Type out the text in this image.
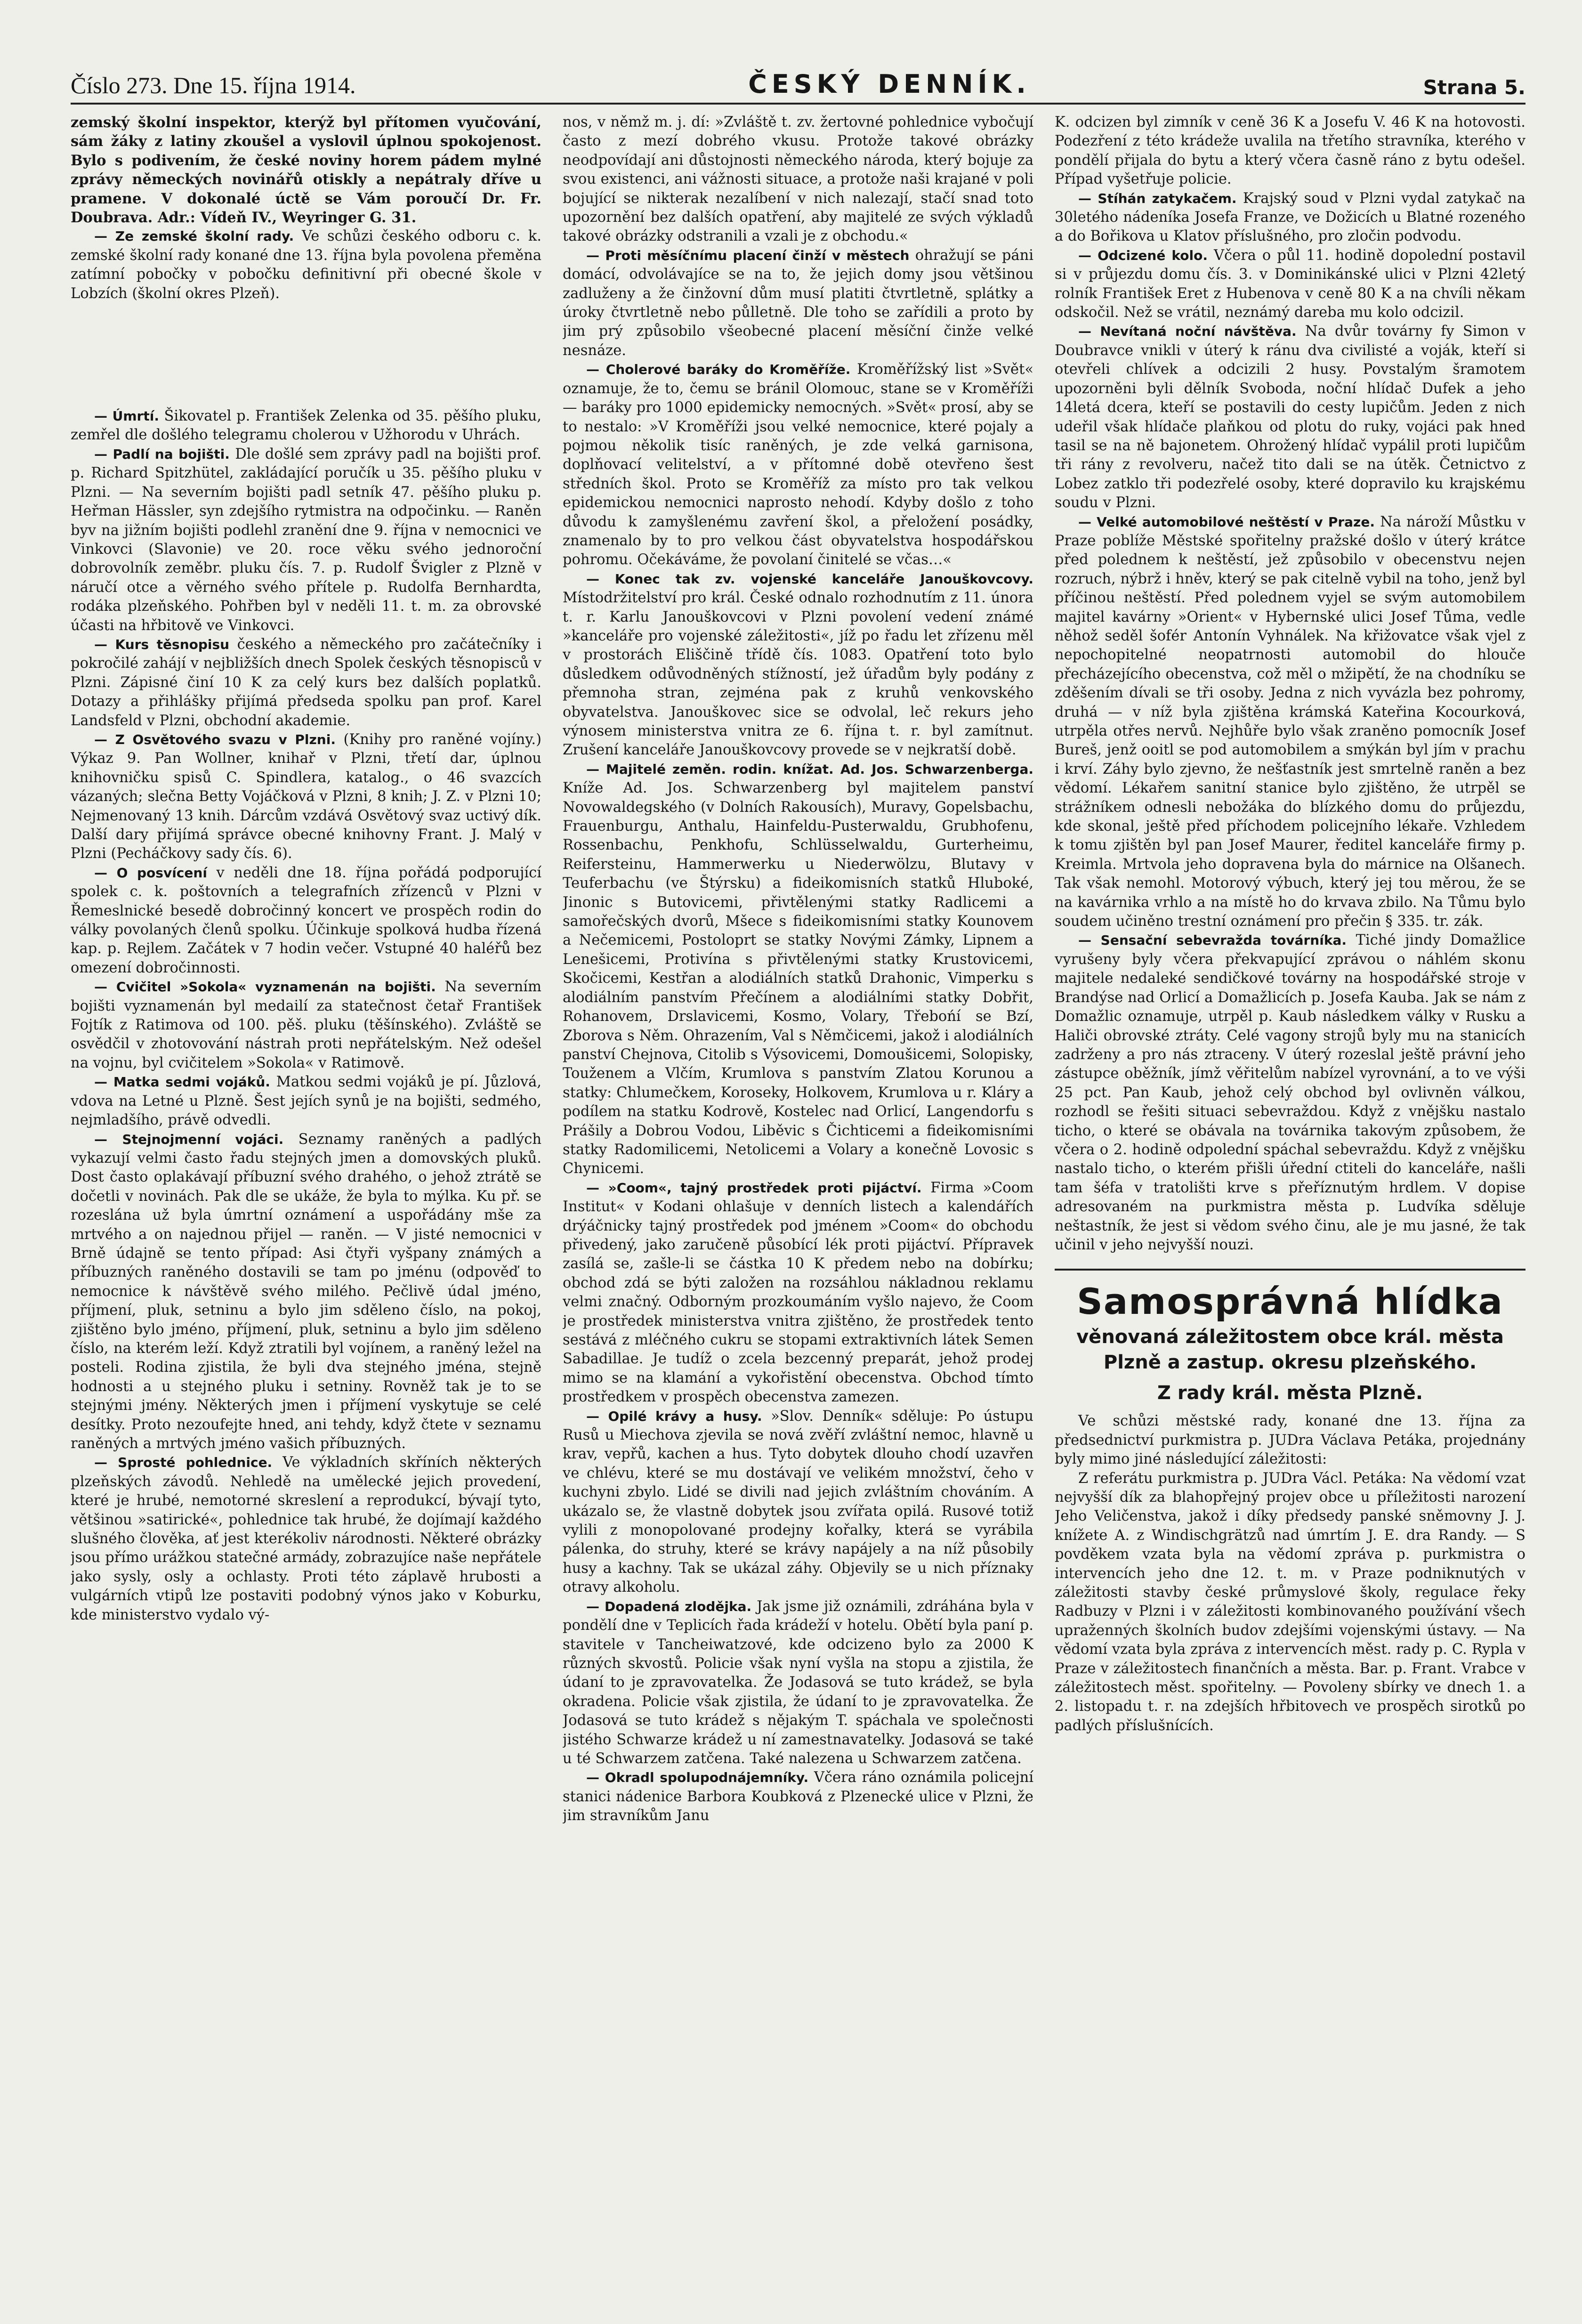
Číslo 273. Dne 15. října 1914.	ČESKÝ DENNÍK.	Strana 5.

zemský školní inspektor, kterýž byl přítomen vyučování, sám žáky z latiny zkoušel a vyslovil úplnou spokojenost. Bylo s podivením, že české noviny horem pádem mylné zprávy německých novinářů otiskly a nepátraly dříve u pramene. V dokonalé úctě se Vám poroučí Dr. Fr. Doubrava. Adr.: Vídeň IV., Weyringer G. 31.

— Ze zemské školní rady. Ve schůzi českého odboru c. k. zemské školní rady konané dne 13. října byla povolena přeměna zatímní pobočky v pobočku definitivní při obecné škole v Lobzích (školní okres Plzeň).

— Úmrtí. Šikovatel p. František Zelenka od 35. pěšího pluku, zemřel dle došlého telegramu cholerou v Užhorodu v Uhrách.

— Padlí na bojišti. Dle došlé sem zprávy padl na bojišti prof. p. Richard Spitzhütel, zakládající poručík u 35. pěšího pluku v Plzni. — Na severním bojišti padl setník 47. pěšího pluku p. Heřman Hässler, syn zdejšího rytmistra na odpočinku. — Raněn byv na jižním bojišti podlehl zranění dne 9. října v nemocnici ve Vinkovci (Slavonie) ve 20. roce věku svého jednoroční dobrovolník zeměbr. pluku čís. 7. p. Rudolf Švigler z Plzně v náručí otce a věrného svého přítele p. Rudolfa Bernhardta, rodáka plzeňského. Pohřben byl v neděli 11. t. m. za obrovské účasti na hřbitově ve Vinkovci.

— Kurs těsnopisu českého a německého pro začátečníky i pokročilé zahájí v nejbližších dnech Spolek českých těsnopisců v Plzni. Zápisné činí 10 K za celý kurs bez dalších poplatků. Dotazy a přihlášky přijímá předseda spolku pan prof. Karel Landsfeld v Plzni, obchodní akademie.

— Z Osvětového svazu v Plzni. (Knihy pro raněné vojíny.) Výkaz 9. Pan Wollner, knihař v Plzni, třetí dar, úplnou knihovničku spisů C. Spindlera, katalog., o 46 svazcích vázaných; slečna Betty Vojáčková v Plzni, 8 knih; J. Z. v Plzni 10; Nejmenovaný 13 knih. Dárcům vzdává Osvětový svaz uctivý dík. Další dary přijímá správce obecné knihovny Frant. J. Malý v Plzni (Pecháčkovy sady čís. 6).

— O posvícení v neděli dne 18. října pořádá podporující spolek c. k. poštovních a telegrafních zřízenců v Plzni v Řemeslnické besedě dobročinný koncert ve prospěch rodin do války povolaných členů spolku. Účinkuje spolková hudba řízená kap. p. Rejlem. Začátek v 7 hodin večer. Vstupné 40 haléřů bez omezení dobročinnosti.

— Cvičitel »Sokola« vyznamenán na bojišti. Na severním bojišti vyznamenán byl medailí za statečnost četař František Fojtík z Ratimova od 100. pěš. pluku (těšínského). Zvláště se osvědčil v zhotovování nástrah proti nepřátelským. Než odešel na vojnu, byl cvičitelem »Sokola« v Ratimově.

— Matka sedmi vojáků. Matkou sedmi vojáků je pí. Jůzlová, vdova na Letné u Plzně. Šest jejích synů je na bojišti, sedmého, nejmladšího, právě odvedli.

— Stejnojmenní vojáci. Seznamy raněných a padlých vykazují velmi často řadu stejných jmen a domovských pluků. Dost často oplakávají příbuzní svého drahého, o jehož ztrátě se dočetli v novinách. Pak dle se ukáže, že byla to mýlka. Ku př. se rozeslána už byla úmrtní oznámení a uspořádány mše za mrtvého a on najednou přijel — raněn. — V jisté nemocnici v Brně údajně se tento případ: Asi čtyři vyšpany známých a příbuzných raněného dostavili se tam po jménu (odpověď to nemocnice k návštěvě svého milého. Pečlivě údal jméno, příjmení, pluk, setninu a bylo jim sděleno číslo, na pokoj, zjištěno bylo jméno, příjmení, pluk, setninu a bylo jim sděleno číslo, na kterém leží. Když ztratili byl vojínem, a raněný ležel na posteli. Rodina zjistila, že byli dva stejného jména, stejně hodnosti a u stejného pluku i setniny. Rovněž tak je to se stejnými jmény. Některých jmen i příjmení vyskytuje se celé desítky. Proto nezoufejte hned, ani tehdy, když čtete v seznamu raněných a mrtvých jméno vašich příbuzných.

— Sprosté pohlednice. Ve výkladních skříních některých plzeňských závodů. Nehledě na umělecké jejich provedení, které je hrubé, nemotorné skreslení a reprodukcí, bývají tyto, většinou »satirické«, pohlednice tak hrubé, že dojímají každého slušného člověka, ať jest kterékoliv národnosti. Některé obrázky jsou přímo urážkou statečné armády, zobrazujíce naše nepřátele jako sysly, osly a ochlasty. Proti této záplavě hrubosti a vulgárních vtipů lze postaviti podobný výnos jako v Koburku, kde ministerstvo vydalo vý-

nos, v němž m. j. dí: »Zvláště t. zv. žertovné pohlednice vybočují často z mezí dobrého vkusu. Protože takové obrázky neodpovídají ani důstojnosti německého národa, který bojuje za svou existenci, ani vážnosti situace, a protože naši krajané v poli bojující se nikterak nezalíbení v nich nalezají, stačí snad toto upozornění bez dalších opatření, aby majitelé ze svých výkladů takové obrázky odstranili a vzali je z obchodu.«

— Proti měsíčnímu placení činží v městech ohražují se páni domácí, odvolávajíce se na to, že jejich domy jsou většinou zadluženy a že činžovní dům musí platiti čtvrtletně, splátky a úroky čtvrtletně nebo půlletně. Dle toho se zařídili a proto by jim prý způsobilo všeobecné placení měsíční činže velké nesnáze.

— Cholerové baráky do Kroměříže. Kroměřížský list »Svět« oznamuje, že to, čemu se bránil Olomouc, stane se v Kroměříži — baráky pro 1000 epidemicky nemocných. »Svět« prosí, aby se to nestalo: »V Kroměříži jsou velké nemocnice, které pojaly a pojmou několik tisíc raněných, je zde velká garnisona, doplňovací velitelství, a v přítomné době otevřeno šest středních škol. Proto se Kroměříž za místo pro tak velkou epidemickou nemocnici naprosto nehodí. Kdyby došlo z toho důvodu k zamyšlenému zavření škol, a přeložení posádky, znamenalo by to pro velkou část obyvatelstva hospodářskou pohromu. Očekáváme, že povolaní činitelé se včas…«

— Konec tak zv. vojenské kanceláře Janouškovcovy. Místodržitelství pro král. České odnalo rozhodnutím z 11. února t. r. Karlu Janouškovcovi v Plzni povolení vedení známé »kanceláře pro vojenské záležitosti«, jíž po řadu let zřízenu měl v prostorách Eliščině třídě čís. 1083. Opatření toto bylo důsledkem odůvodněných stížností, jež úřadům byly podány z přemnoha stran, zejména pak z kruhů venkovského obyvatelstva. Janouškovec sice se odvolal, leč rekurs jeho výnosem ministerstva vnitra ze 6. října t. r. byl zamítnut. Zrušení kanceláře Janouškovcovy provede se v nejkratší době.

— Majitelé zeměn. rodin. knížat. Ad. Jos. Schwarzenberga. Kníže Ad. Jos. Schwarzenberg byl majitelem panství Novowaldegského (v Dolních Rakousích), Muravy, Gopelsbachu, Frauenburgu, Anthalu, Hainfeldu-Pusterwaldu, Grubhofenu, Rossenbachu, Penkhofu, Schlüsselwaldu, Gurterheimu, Reifersteinu, Hammerwerku u Niederwölzu, Blutavy v Teuferbachu (ve Štýrsku) a fideikomisních statků Hluboké, Jinonic s Butovicemi, přivtělenými statky Radlicemi a samořečských dvorů, Mšece s fideikomisními statky Kounovem a Nečemicemi, Postoloprt se statky Novými Zámky, Lipnem a Lenešicemi, Protivína s přivtělenými statky Krustovicemi, Skočicemi, Kestřan a alodiálních statků Drahonic, Vimperku s alodiálním panstvím Přečínem a alodiálními statky Dobřit, Rohanovem, Drslavicemi, Kosmo, Volary, Třebońí se Bzí, Zborova s Něm. Ohrazením, Val s Němčicemi, jakož i alodiálních panství Chejnova, Citolib s Výsovicemi, Domoušicemi, Solopisky, Touženem a Vlčím, Krumlova s panstvím Zlatou Korunou a statky: Chlumečkem, Koroseky, Holkovem, Krumlova u r. Kláry a podílem na statku Kodrově, Kostelec nad Orlicí, Langendorfu s Prášily a Dobrou Vodou, Liběvic s Čichticemi a fideikomisními statky Radomilicemi, Netolicemi a Volary a konečně Lovosic s Chynicemi.

— »Coom«, tajný prostředek proti pijáctví. Firma »Coom Institut« v Kodani ohlašuje v denních listech a kalendářích drýáčnicky tajný prostředek pod jménem »Coom« do obchodu přivedený, jako zaručeně působící lék proti pijáctví. Přípravek zasílá se, zašle-li se částka 10 K předem nebo na dobírku; obchod zdá se býti založen na rozsáhlou nákladnou reklamu velmi značný. Odborným prozkoumáním vyšlo najevo, že Coom je prostředek ministerstva vnitra zjištěno, že prostředek tento sestává z mléčného cukru se stopami extraktivních látek Semen Sabadillae. Je tudíž o zcela bezcenný preparát, jehož prodej mimo se na klamání a vykořistění obecenstva. Obchod tímto prostředkem v prospěch obecenstva zamezen.

— Opilé krávy a husy. »Slov. Denník« sděluje: Po ústupu Rusů u Miechova zjevila se nová zvěří zvláštní nemoc, hlavně u krav, vepřů, kachen a hus. Tyto dobytek dlouho chodí uzavřen ve chlévu, které se mu dostávají ve velikém množství, čeho v kuchyni zbylo. Lidé se divili nad jejich zvláštním chováním. A ukázalo se, že vlastně dobytek jsou zvířata opilá. Rusové totiž vylili z monopolované prodejny kořalky, která se vyrábila pálenka, do struhy, které se krávy napájely a na níž působily husy a kachny. Tak se ukázal záhy. Objevily se u nich příznaky otravy alkoholu.

— Dopadená zlodějka. Jak jsme již oznámili, zdráhána byla v pondělí dne v Teplicích řada krádeží v hotelu. Obětí byla paní p. stavitele v Tancheiwatzové, kde odcizeno bylo za 2000 K různých skvostů. Policie však nyní vyšla na stopu a zjistila, že údaní to je zpravovatelka. Že Jodasová se tuto krádež, se byla okradena. Policie však zjistila, že údaní to je zpravovatelka. Že Jodasová se tuto krádež s nějakým T. spáchala ve společnosti jistého Schwarze krádež u ní zamestnavatelky. Jodasová se také u té Schwarzem zatčena. Také nalezena u Schwarzem zatčena.

— Okradl spolupodnájemníky. Včera ráno oznámila policejní stanici nádenice Barbora Koubková z Plzenecké ulice v Plzni, že jim stravníkům Janu

K. odcizen byl zimník v ceně 36 K a Josefu V. 46 K na hotovosti. Podezření z této krádeže uvalila na třetího stravníka, kterého v pondělí přijala do bytu a který včera časně ráno z bytu odešel. Případ vyšetřuje policie.

— Stíhán zatykačem. Krajský soud v Plzni vydal zatykač na 30letého nádeníka Josefa Franze, ve Dožicích u Blatné rozeného a do Bořikova u Klatov příslušného, pro zločin podvodu.

— Odcizené kolo. Včera o půl 11. hodině dopolední postavil si v průjezdu domu čís. 3. v Dominikánské ulici v Plzni 42letý rolník František Eret z Hubenova v ceně 80 K a na chvíli někam odskočil. Než se vrátil, neznámý dareba mu kolo odcizil.

— Nevítaná noční návštěva. Na dvůr továrny fy Simon v Doubravce vnikli v úterý k ránu dva civilisté a voják, kteří si otevřeli chlívek a odcizili 2 husy. Povstalým šramotem upozorněni byli dělník Svoboda, noční hlídač Dufek a jeho 14letá dcera, kteří se postavili do cesty lupičům. Jeden z nich udeřil však hlídače plaňkou od plotu do ruky, vojáci pak hned tasil se na ně bajonetem. Ohrožený hlídač vypálil proti lupičům tři rány z revolveru, načež tito dali se na útěk. Četnictvo z Lobez zatklo tři podezřelé osoby, které dopravilo ku krajskému soudu v Plzni.

— Velké automobilové neštěstí v Praze. Na nároží Můstku v Praze poblíže Městské spořitelny pražské došlo v úterý krátce před polednem k neštěstí, jež způsobilo v obecenstvu nejen rozruch, nýbrž i hněv, který se pak citelně vybil na toho, jenž byl příčinou neštěstí. Před polednem vyjel se svým automobilem majitel kavárny »Orient« v Hybernské ulici Josef Tůma, vedle něhož seděl šofér Antonín Vyhnálek. Na křižovatce však vjel z nepochopitelné neopatrnosti automobil do hlouče přecházejícího obecenstva, což měl o mžipětí, že na chodníku se zděšením dívali se tři osoby. Jedna z nich vyvázla bez pohromy, druhá — v níž byla zjištěna krámská Kateřina Kocourková, utrpěla otřes nervů. Nejhůře bylo však zraněno pomocník Josef Bureš, jenž ooitl se pod automobilem a smýkán byl jím v prachu i krví. Záhy bylo zjevno, že nešťastník jest smrtelně raněn a bez vědomí. Lékařem sanitní stanice bylo zjištěno, že utrpěl se strážníkem odnesli nebožáka do blízkého domu do průjezdu, kde skonal, ještě před příchodem policejního lékaře. Vzhledem k tomu zjištěn byl pan Josef Maurer, ředitel kanceláře firmy p. Kreimla. Mrtvola jeho dopravena byla do márnice na Olšanech. Tak však nemohl. Motorový výbuch, který jej tou měrou, že se na kavárnika vrhlo a na místě ho do krvava zbilo. Na Tůmu bylo soudem učiněno trestní oznámení pro přečin § 335. tr. zák.

— Sensační sebevražda továrníka. Tiché jindy Domažlice vyrušeny byly včera překvapující zprávou o náhlém skonu majitele nedaleké sendičkové továrny na hospodářské stroje v Brandýse nad Orlicí a Domažlicích p. Josefa Kauba. Jak se nám z Domažlic oznamuje, utrpěl p. Kaub následkem války v Rusku a Haliči obrovské ztráty. Celé vagony strojů byly mu na stanicích zadrženy a pro nás ztraceny. V úterý rozeslal ještě právní jeho zástupce oběžník, jímž věřitelům nabízel vyrovnání, a to ve výši 25 pct. Pan Kaub, jehož celý obchod byl ovlivněn válkou, rozhodl se řešiti situaci sebevraždou. Když z vnějšku nastalo ticho, o které se obávala na továrnika takovým způsobem, že včera o 2. hodině odpolední spáchal sebevraždu. Když z vnějšku nastalo ticho, o kterém přišli úřední ctiteli do kanceláře, našli tam šéfa v tratolišti krve s přeříznutým hrdlem. V dopise adresovaném na purkmistra města p. Ludvíka sděluje neštastník, že jest si vědom svého činu, ale je mu jasné, že tak učinil v jeho nejvyšší nouzi.

Samosprávná hlídka
věnovaná záležitostem obce král. města Plzně a zastup. okresu plzeňského.
Z rady král. města Plzně.

Ve schůzi městské rady, konané dne 13. října za předsednictví purkmistra p. JUDra Václava Petáka, projednány byly mimo jiné následující záležitosti:

Z referátu purkmistra p. JUDra Václ. Petáka: Na vědomí vzat nejvyšší dík za blahopřejný projev obce u příležitosti narození Jeho Veličenstva, jakož i díky předsedy panské sněmovny J. J. knížete A. z Windischgrätzů nad úmrtím J. E. dra Randy. — S povděkem vzata byla na vědomí zpráva p. purkmistra o intervencích jeho dne 12. t. m. v Praze podniknutých v záležitosti stavby české průmyslové školy, regulace řeky Radbuzy v Plzni i v záležitosti kombinovaného používání všech upraženných školních budov zdejšími vojenskými ústavy. — Na vědomí vzata byla zpráva z intervencích měst. rady p. C. Rypla v Praze v záležitostech finančních a města. Bar. p. Frant. Vrabce v záležitostech měst. spořitelny. — Povoleny sbírky ve dnech 1. a 2. listopadu t. r. na zdejších hřbitovech ve prospěch sirotků po padlých příslušnících.
